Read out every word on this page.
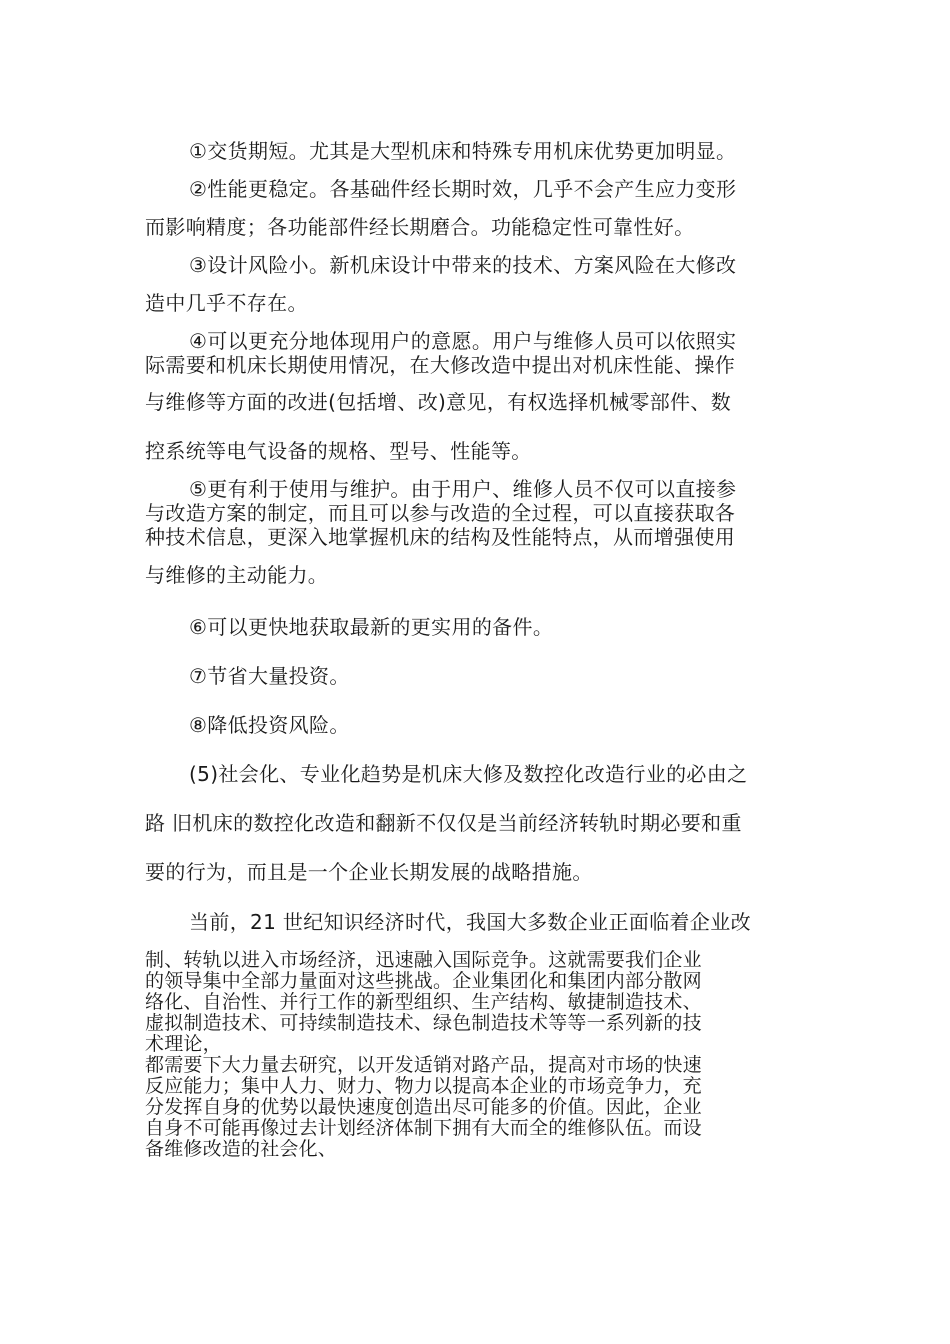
①交货期短。尤其是大型机床和特殊专用机床优势更加明显。
②性能更稳定。各基础件经长期时效，几乎不会产生应力变形
而影响精度；各功能部件经长期磨合。功能稳定性可靠性好。
③设计风险小。新机床设计中带来的技术、方案风险在大修改
造中几乎不存在。
④可以更充分地体现用户的意愿。用户与维修人员可以依照实
际需要和机床长期使用情况，在大修改造中提出对机床性能、操作
与维修等方面的改进(包括增、改)意见，有权选择机械零部件、数
控系统等电气设备的规格、型号、性能等。
⑤更有利于使用与维护。由于用户、维修人员不仅可以直接参
与改造方案的制定，而且可以参与改造的全过程，可以直接获取各
种技术信息，更深入地掌握机床的结构及性能特点，从而增强使用
与维修的主动能力。
⑥可以更快地获取最新的更实用的备件。
⑦节省大量投资。
⑧降低投资风险。
(5)社会化、专业化趋势是机床大修及数控化改造行业的必由之
路 旧机床的数控化改造和翻新不仅仅是当前经济转轨时期必要和重
要的行为，而且是一个企业长期发展的战略措施。
当前，21 世纪知识经济时代，我国大多数企业正面临着企业改
制、转轨以进入市场经济，迅速融入国际竞争。这就需要我们企业
的领导集中全部力量面对这些挑战。企业集团化和集团内部分散网
络化、自治性、并行工作的新型组织、生产结构、敏捷制造技术、
虚拟制造技术、可持续制造技术、绿色制造技术等等一系列新的技
术理论，
都需要下大力量去研究，以开发适销对路产品，提高对市场的快速
反应能力；集中人力、财力、物力以提高本企业的市场竞争力，充
分发挥自身的优势以最快速度创造出尽可能多的价值。因此，企业
自身不可能再像过去计划经济体制下拥有大而全的维修队伍。而设
备维修改造的社会化、
